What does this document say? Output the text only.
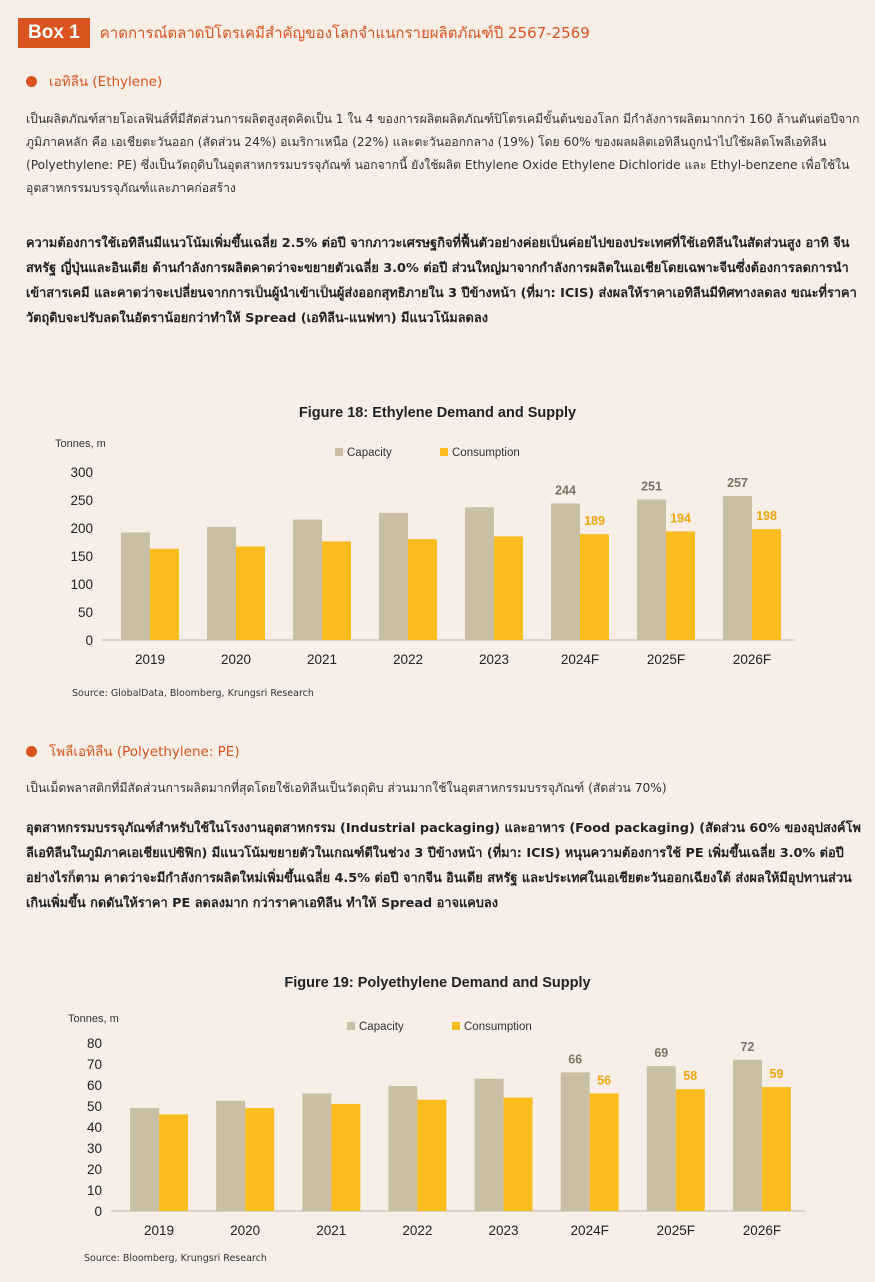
Box 1	คาดการณ์ตลาดปิโตรเคมีสำคัญของโลกจำแนกรายผลิตภัณฑ์ปี 2567-2569
เอทิลีน (Ethylene)

เป็นผลิตภัณฑ์สายโอเลฟินส์ที่มีสัดส่วนการผลิตสูงสุดคิดเป็น 1 ใน 4 ของการผลิตผลิตภัณฑ์ปิโตรเคมีขั้นต้นของโลก มีกำลังการผลิตมากกว่า 160 ล้านตันต่อปีจากภูมิภาคหลัก คือ เอเชียตะวันออก (สัดส่วน 24%) อเมริกาเหนือ (22%) และตะวันออกกลาง (19%) โดย 60% ของผลผลิตเอทิลีนถูกนำไปใช้ผลิตโพลีเอทิลีน (Polyethylene: PE) ซึ่งเป็นวัตถุดิบในอุตสาหกรรมบรรจุภัณฑ์ นอกจากนี้ ยังใช้ผลิต Ethylene Oxide Ethylene Dichloride และ Ethyl-benzene เพื่อใช้ในอุตสาหกรรมบรรจุภัณฑ์และภาคก่อสร้าง

ความต้องการใช้เอทิลีนมีแนวโน้มเพิ่มขึ้นเฉลี่ย 2.5% ต่อปี จากภาวะเศรษฐกิจที่ฟื้นตัวอย่างค่อยเป็นค่อยไปของประเทศที่ใช้เอทิลีนในสัดส่วนสูง อาทิ จีน สหรัฐ ญี่ปุ่นและอินเดีย ด้านกำลังการผลิตคาดว่าจะขยายตัวเฉลี่ย 3.0% ต่อปี ส่วนใหญ่มาจากกำลังการผลิตในเอเชียโดยเฉพาะจีนซึ่งต้องการลดการนำเข้าสารเคมี และคาดว่าจะเปลี่ยนจากการเป็นผู้นำเข้าเป็นผู้ส่งออกสุทธิภายใน 3 ปีข้างหน้า (ที่มา: ICIS) ส่งผลให้ราคาเอทิลีนมีทิศทางลดลง ขณะที่ราคาวัตถุดิบจะปรับลดในอัตราน้อยกว่าทำให้ Spread (เอทิลีน-แนฟทา) มีแนวโน้มลดลง

Figure 18: Ethylene Demand and Supply
Tonnes, m
0
50
100
150
200
250
300
Capacity	Consumption
2019	2020	2021	2022	2023
244
189
2024F
251
194
2025F
257
198
2026F
Source: GlobalData, Bloomberg, Krungsri Research
โพลีเอทิลีน (Polyethylene: PE)

เป็นเม็ดพลาสติกที่มีสัดส่วนการผลิตมากที่สุดโดยใช้เอทิลีนเป็นวัตถุดิบ ส่วนมากใช้ในอุตสาหกรรมบรรจุภัณฑ์ (สัดส่วน 70%)

อุตสาหกรรมบรรจุภัณฑ์สำหรับใช้ในโรงงานอุตสาหกรรม (Industrial packaging) และอาหาร (Food packaging) (สัดส่วน 60% ของอุปสงค์โพลีเอทิลีนในภูมิภาคเอเชียแปซิฟิก) มีแนวโน้มขยายตัวในเกณฑ์ดีในช่วง 3 ปีข้างหน้า (ที่มา: ICIS) หนุนความต้องการใช้ PE เพิ่มขึ้นเฉลี่ย 3.0% ต่อปี อย่างไรก็ตาม คาดว่าจะมีกำลังการผลิตใหม่เพิ่มขึ้นเฉลี่ย 4.5% ต่อปี จากจีน อินเดีย สหรัฐ และประเทศในเอเชียตะวันออกเฉียงใต้ ส่งผลให้มีอุปทานส่วนเกินเพิ่มขึ้น กดดันให้ราคา PE ลดลงมาก กว่าราคาเอทิลีน ทำให้ Spread อาจแคบลง

Figure 19: Polyethylene Demand and Supply
Tonnes, m
0
10
20
30
40
50
60
70
80
Capacity	Consumption
2019	2020	2021	2022	2023
66
56
2024F
69
58
2025F
72
59
2026F
Source: Bloomberg, Krungsri Research
